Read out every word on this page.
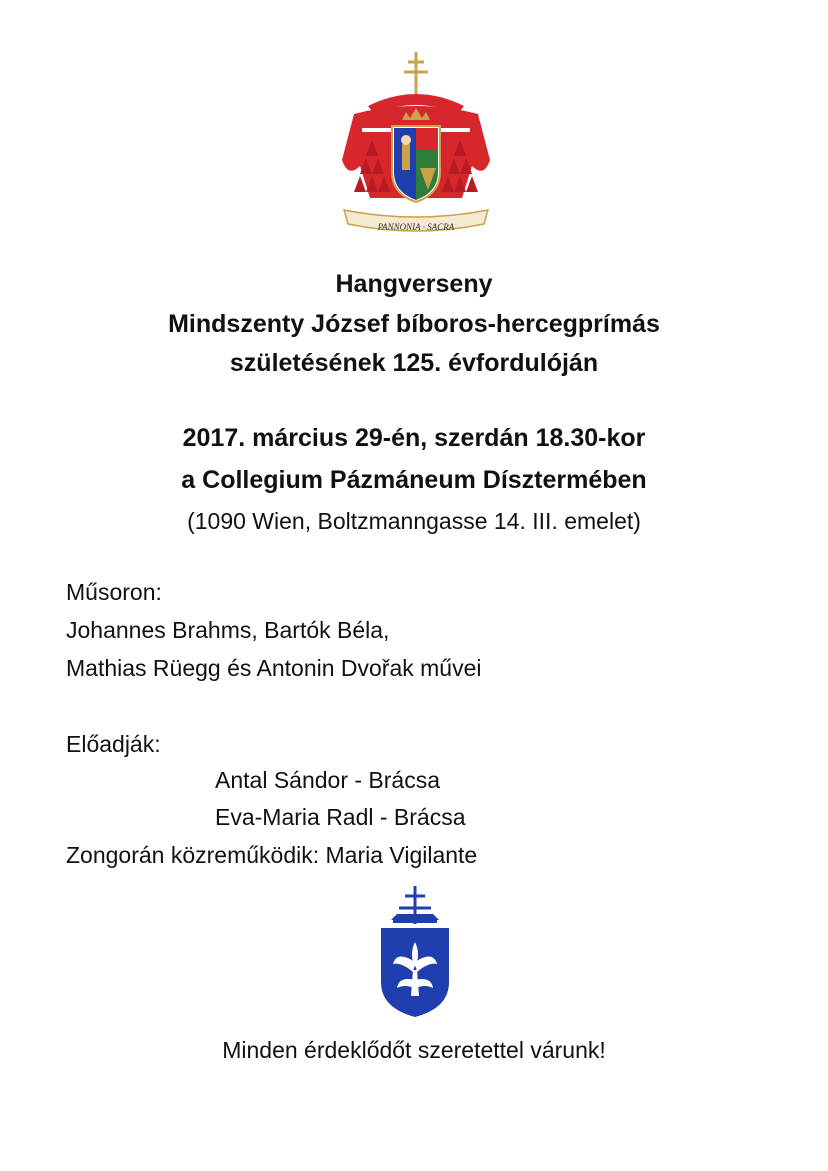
PANNONIA · SACRA
Hangverseny
Mindszenty József bíboros-hercegprímás
születésének 125. évfordulóján
2017. március 29-én, szerdán 18.30-kor
a Collegium Pázmáneum Dísztermében
(1090 Wien, Boltzmanngasse 14. III. emelet)
Műsoron:
Johannes Brahms, Bartók Béla,
Mathias Rüegg és Antonin Dvořak művei
Előadják:
Antal Sándor - Brácsa
Eva-Maria Radl - Brácsa
Zongorán közreműködik: Maria Vigilante
Minden érdeklődőt szeretettel várunk!
